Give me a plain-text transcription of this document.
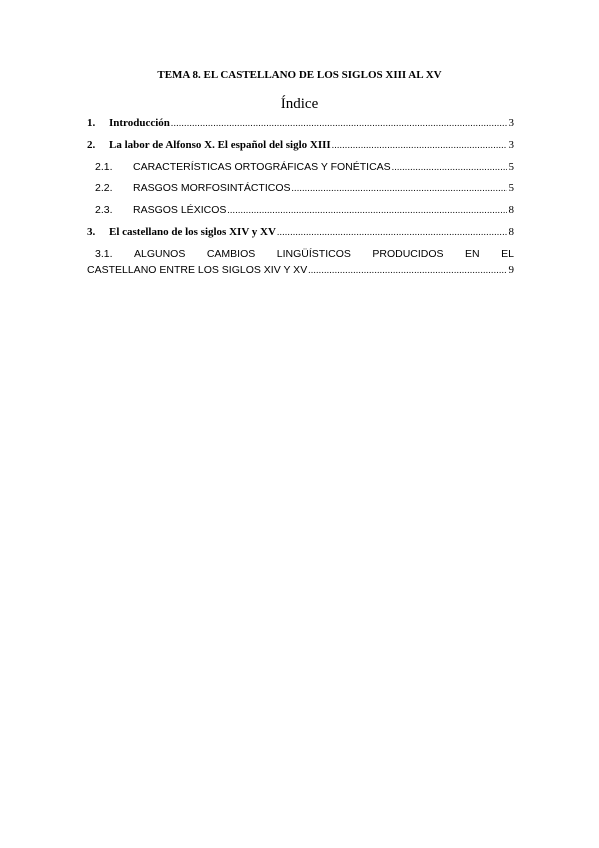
TEMA 8. EL CASTELLANO DE LOS SIGLOS XIII AL XV
Índice
1.	Introducción .....	3
2.	La labor de Alfonso X. El español del siglo XIII .....	3
2.1.	CARACTERÍSTICAS ORTOGRÁFICAS Y FONÉTICAS .....	5
2.2.	RASGOS MORFOSINTÁCTICOS .....	5
2.3.	RASGOS LÉXICOS .....	8
3.	El castellano de los siglos XIV y XV .....	8
3.1. ALGUNOS CAMBIOS LINGÜÍSTICOS PRODUCIDOS EN EL
CASTELLANO ENTRE LOS SIGLOS XIV Y XV .....	9
